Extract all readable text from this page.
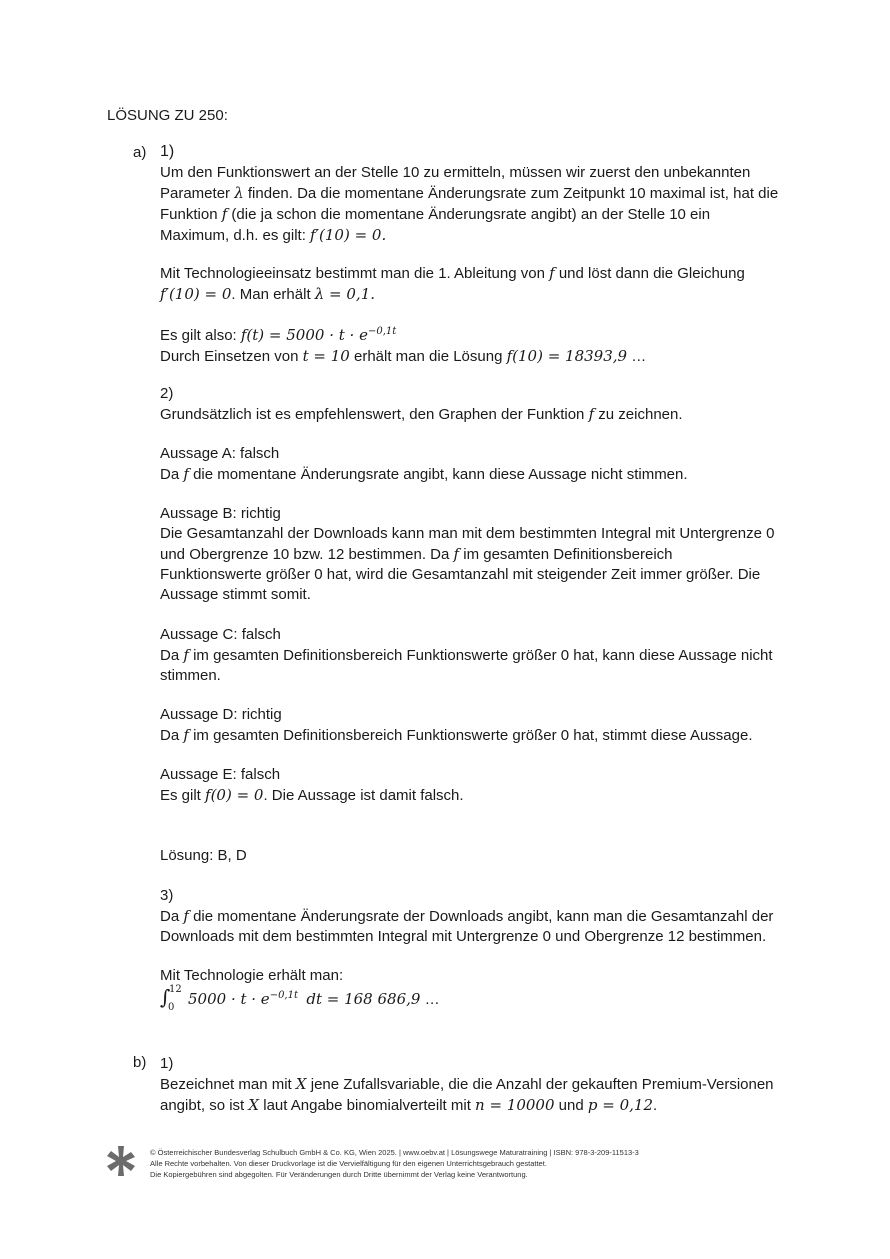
LÖSUNG ZU 250:
a) 1)
Um den Funktionswert an der Stelle 10 zu ermitteln, müssen wir zuerst den unbekannten
Parameter λ finden. Da die momentane Änderungsrate zum Zeitpunkt 10 maximal ist, hat die
Funktion f (die ja schon die momentane Änderungsrate angibt) an der Stelle 10 ein
Maximum, d.h. es gilt: f′(10) = 0.
Mit Technologieeinsatz bestimmt man die 1. Ableitung von f und löst dann die Gleichung
f′(10) = 0. Man erhält λ = 0,1.
Es gilt also: $f(t) = 5000 \cdot t \cdot e^{-0,1t}$
Durch Einsetzen von t = 10 erhält man die Lösung f(10) = 18393,9 …
2)
Grundsätzlich ist es empfehlenswert, den Graphen der Funktion f zu zeichnen.
Aussage A: falsch
Da f die momentane Änderungsrate angibt, kann diese Aussage nicht stimmen.
Aussage B: richtig
Die Gesamtanzahl der Downloads kann man mit dem bestimmten Integral mit Untergrenze 0
und Obergrenze 10 bzw. 12 bestimmen. Da f im gesamten Definitionsbereich
Funktionswerte größer 0 hat, wird die Gesamtanzahl mit steigender Zeit immer größer. Die
Aussage stimmt somit.
Aussage C: falsch
Da f im gesamten Definitionsbereich Funktionswerte größer 0 hat, kann diese Aussage nicht
stimmen.
Aussage D: richtig
Da f im gesamten Definitionsbereich Funktionswerte größer 0 hat, stimmt diese Aussage.
Aussage E: falsch
Es gilt f(0) = 0. Die Aussage ist damit falsch.
Lösung: B, D
3)
Da f die momentane Änderungsrate der Downloads angibt, kann man die Gesamtanzahl der
Downloads mit dem bestimmten Integral mit Untergrenze 0 und Obergrenze 12 bestimmen.
Mit Technologie erhält man:
∫
12
0 $5000 \cdot t \cdot e^{-0,1t}$ dt = 168 686,9 …
b) 1)
Bezeichnet man mit X jene Zufallsvariable, die die Anzahl der gekauften Premium-Versionen
angibt, so ist X laut Angabe binomialverteilt mit n = 10000 und p = 0,12.
© Österreichischer Bundesverlag Schulbuch GmbH & Co. KG, Wien 2025. | www.oebv.at | Lösungswege Maturatraining | ISBN: 978-3-209-11513-3
Alle Rechte vorbehalten. Von dieser Druckvorlage ist die Vervielfältigung für den eigenen Unterrichtsgebrauch gestattet.
Die Kopiergebühren sind abgegolten. Für Veränderungen durch Dritte übernimmt der Verlag keine Verantwortung.
